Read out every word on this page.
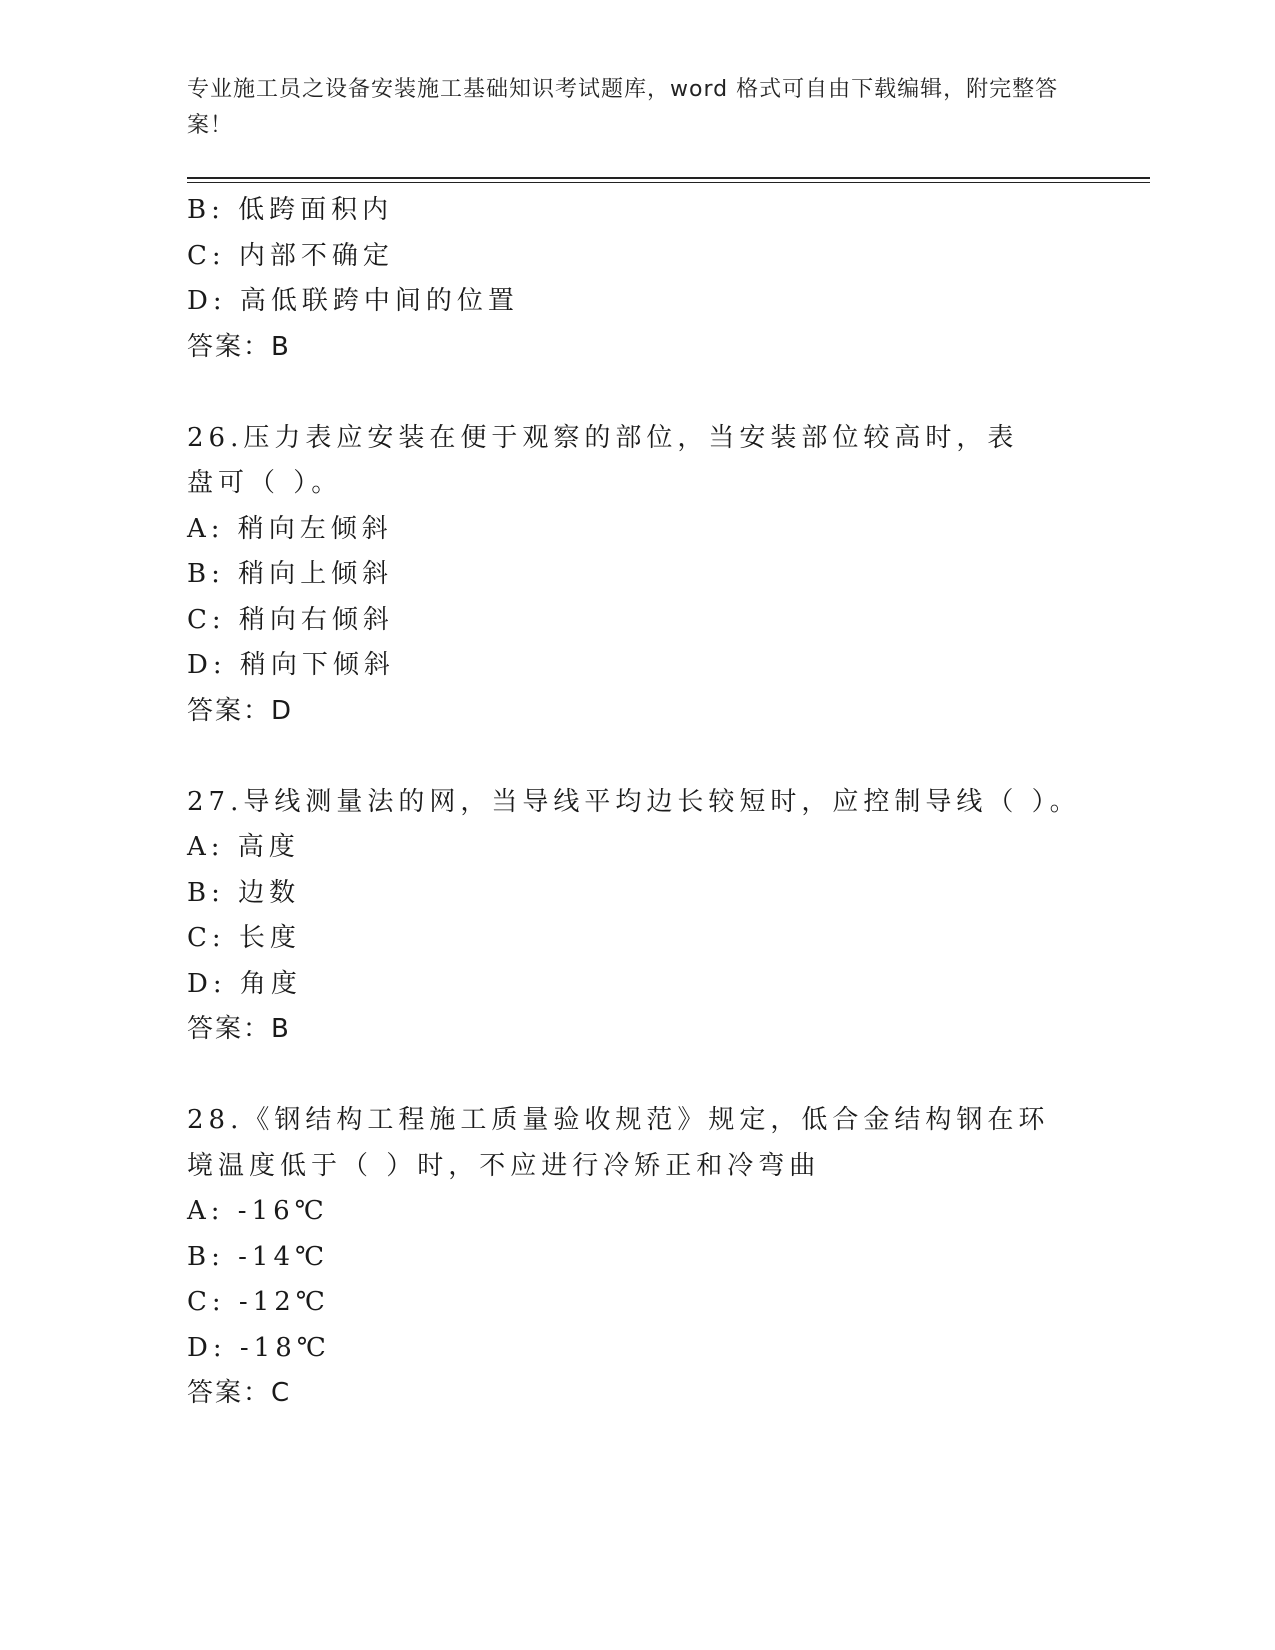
专业施工员之设备安装施工基础知识考试题库，word 格式可自由下载编辑，附完整答案！
B: 低跨面积内
C: 内部不确定
D: 高低联跨中间的位置
答案：B
26.压力表应安装在便于观察的部位，当安装部位较高时，表盘可（ ）。
A: 稍向左倾斜
B: 稍向上倾斜
C: 稍向右倾斜
D: 稍向下倾斜
答案：D
27.导线测量法的网，当导线平均边长较短时，应控制导线（ ）。
A: 高度
B: 边数
C: 长度
D: 角度
答案：B
28.《钢结构工程施工质量验收规范》规定，低合金结构钢在环境温度低于（ ）时，不应进行冷矫正和冷弯曲
A: -16℃
B: -14℃
C: -12℃
D: -18℃
答案：C
